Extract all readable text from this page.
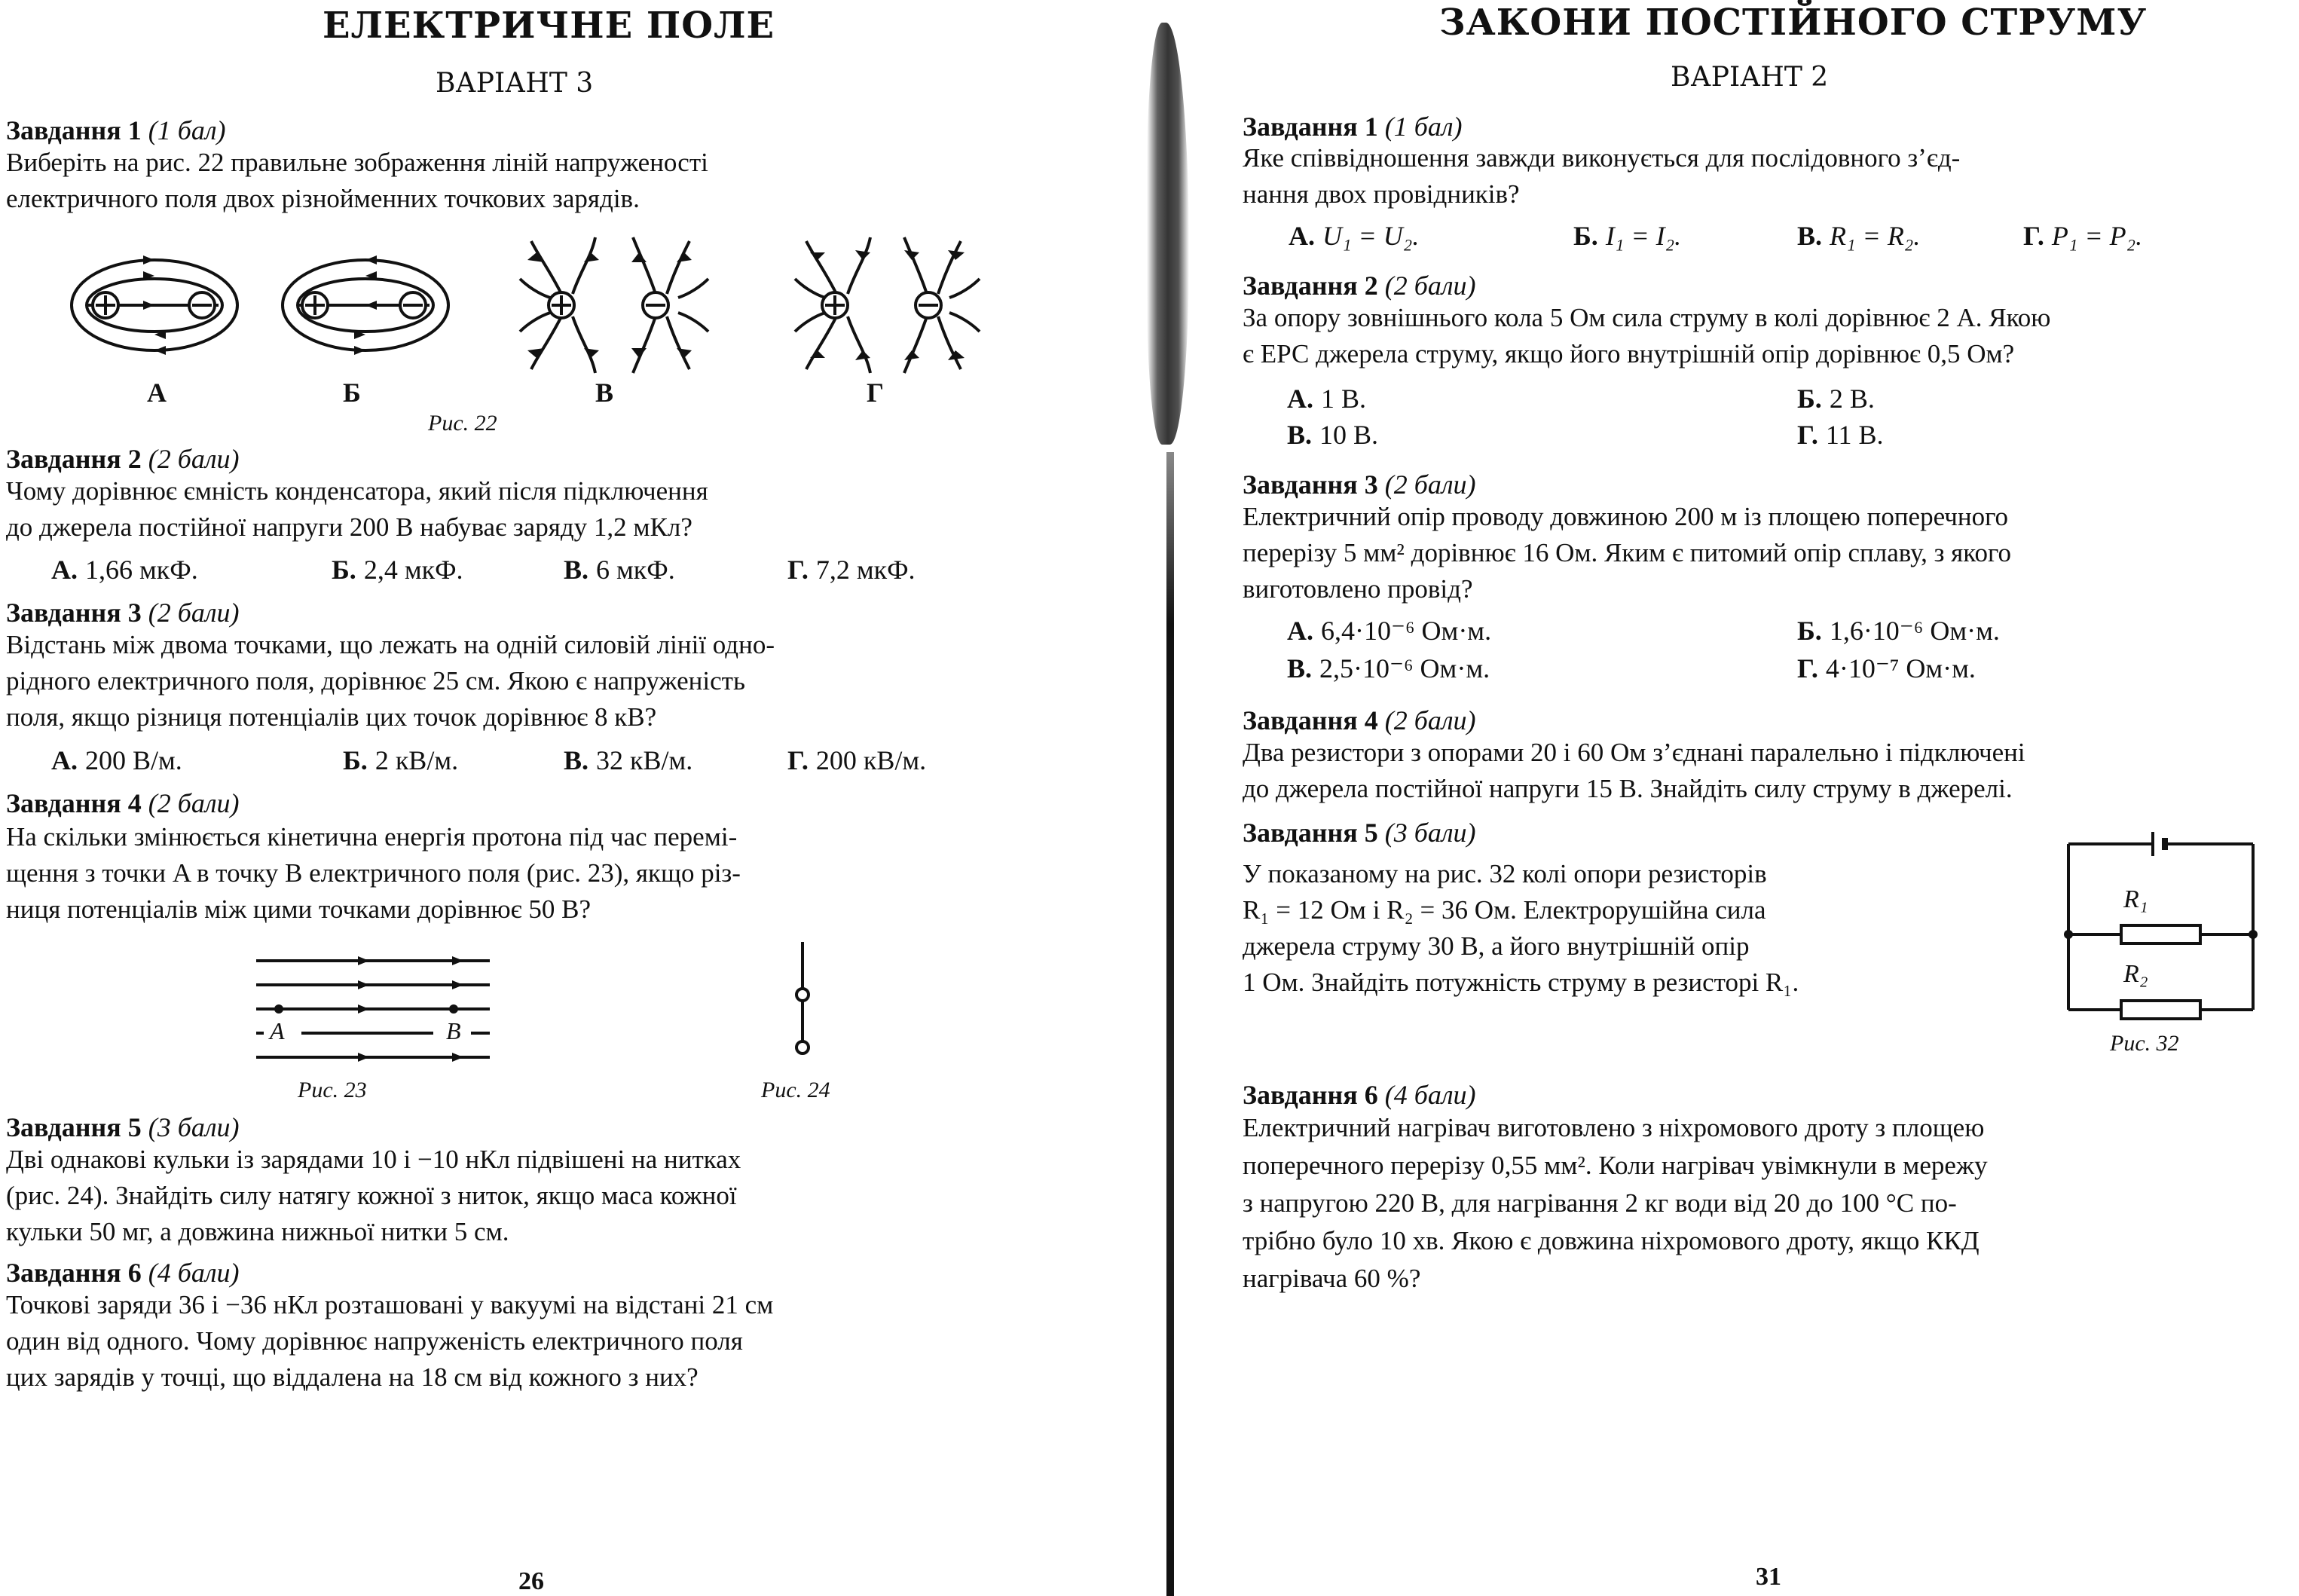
ЕЛЕКТРИЧНЕ ПОЛЕ
ВАРІАНТ 3
Завдання 1 (1 бал)
Виберіть на рис. 22 правильне зображення ліній напруженості
електричного поля двох різнойменних точкових зарядів.
А	Б	В	Г
Рис. 22
Завдання 2 (2 бали)
Чому дорівнює ємність конденсатора, який після підключення
до джерела постійної напруги 200 В набуває заряду 1,2 мКл?
А. 1,66 мкФ.	Б. 2,4 мкФ.	В. 6 мкФ.	Г. 7,2 мкФ.
Завдання 3 (2 бали)
Відстань між двома точками, що лежать на одній силовій лінії одно-
рідного електричного поля, дорівнює 25 см. Якою є напруженість
поля, якщо різниця потенціалів цих точок дорівнює 8 кВ?
А. 200 В/м.	Б. 2 кВ/м.	В. 32 кВ/м.	Г. 200 кВ/м.
Завдання 4 (2 бали)
На скільки змінюється кінетична енергія протона під час перемі-
щення з точки A в точку B електричного поля (рис. 23), якщо різ-
ниця потенціалів між цими точками дорівнює 50 В?
A	B
Рис. 23	Рис. 24
Завдання 5 (3 бали)
Дві однакові кульки із зарядами 10 і −10 нКл підвішені на нитках
(рис. 24). Знайдіть силу натягу кожної з ниток, якщо маса кожної
кульки 50 мг, а довжина нижньої нитки 5 см.
Завдання 6 (4 бали)
Точкові заряди 36 і −36 нКл розташовані у вакуумі на відстані 21 см
один від одного. Чому дорівнює напруженість електричного поля
цих зарядів у точці, що віддалена на 18 см від кожного з них?
26
ЗАКОНИ ПОСТІЙНОГО СТРУМУ
ВАРІАНТ 2
Завдання 1 (1 бал)
Яке співвідношення завжди виконується для послідовного з’єд-
нання двох провідників?
А. U₁ = U₂.	Б. I₁ = I₂.	В. R₁ = R₂.	Г. P₁ = P₂.
Завдання 2 (2 бали)
За опору зовнішнього кола 5 Ом сила струму в колі дорівнює 2 А. Якою
є ЕРС джерела струму, якщо його внутрішній опір дорівнює 0,5 Ом?
А. 1 В.	Б. 2 В.
В. 10 В.	Г. 11 В.
Завдання 3 (2 бали)
Електричний опір проводу довжиною 200 м із площею поперечного
перерізу 5 мм² дорівнює 16 Ом. Яким є питомий опір сплаву, з якого
виготовлено провід?
А. 6,4·10⁻⁶ Ом·м.	Б. 1,6·10⁻⁶ Ом·м.
В. 2,5·10⁻⁶ Ом·м.	Г. 4·10⁻⁷ Ом·м.
Завдання 4 (2 бали)
Два резистори з опорами 20 і 60 Ом з’єднані паралельно і підключені
до джерела постійної напруги 15 В. Знайдіть силу струму в джерелі.
Завдання 5 (3 бали)
У показаному на рис. 32 колі опори резисторів
R₁ = 12 Ом і R₂ = 36 Ом. Електрорушійна сила
джерела струму 30 В, а його внутрішній опір
1 Ом. Знайдіть потужність струму в резисторі R₁.
R₁
R₂
Рис. 32
Завдання 6 (4 бали)
Електричний нагрівач виготовлено з ніхромового дроту з площею
поперечного перерізу 0,55 мм². Коли нагрівач увімкнули в мережу
з напругою 220 В, для нагрівання 2 кг води від 20 до 100 °С по-
трібно було 10 хв. Якою є довжина ніхромового дроту, якщо ККД
нагрівача 60 %?
31
